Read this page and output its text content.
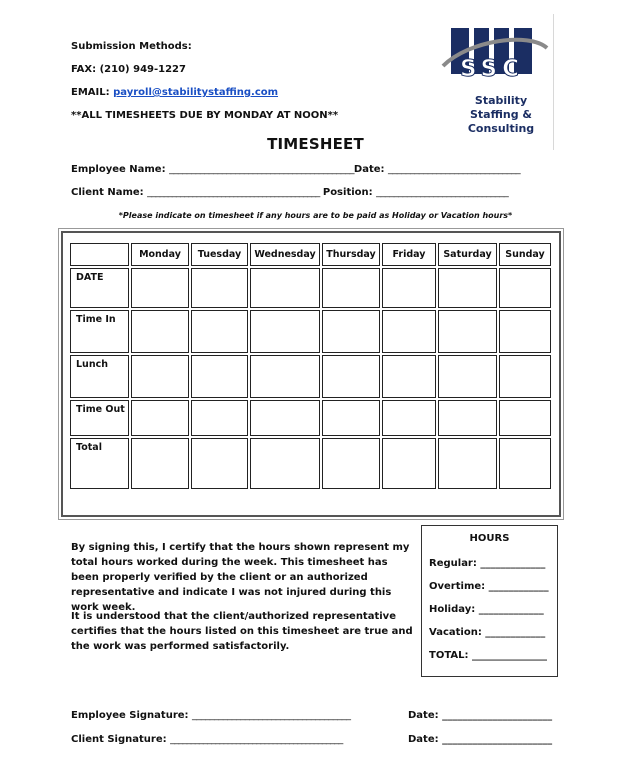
Submission Methods:
FAX: (210) 949-1227
EMAIL: payroll@stabilitystaffing.com
**ALL TIMESHEETS DUE BY MONDAY AT NOON**
SSC
Stability
Staffing &
Consulting
TIMESHEET
Employee Name: __________________________________________Date: ______________________________
Client Name: __________________________________________ Position: ______________________________
*Please indicate on timesheet if any hours are to be paid as Holiday or Vacation hours*
	Monday	Tuesday	Wednesday	Thursday	Friday	Saturday	Sunday
DATE							
Time In							
Lunch							
Time Out							
Total							
By signing this, I certify that the hours shown represent my total hours worked during the week. This timesheet has been properly verified by the client or an authorized representative and indicate I was not injured during this work week.
It is understood that the client/authorized representative certifies that the hours listed on this timesheet are true and the work was performed satisfactorily.
HOURS
Regular: _____________
Overtime: ____________
Holiday: _____________
Vacation: ____________
TOTAL: _______________
Employee Signature: ____________________________________	Date: ______________________
Client Signature: __________________________________________	Date: ______________________
